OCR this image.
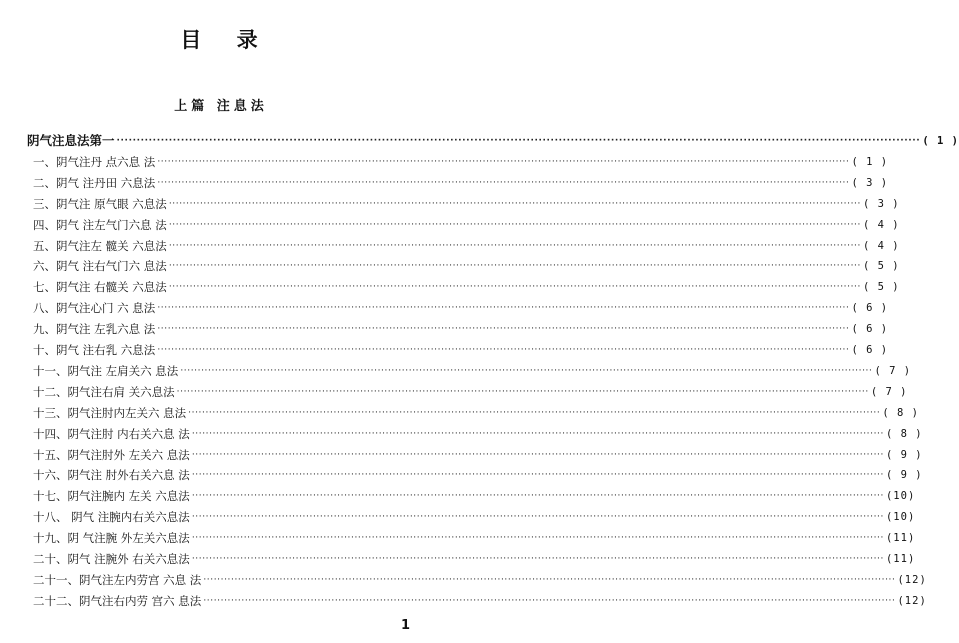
目 录
上篇 注息法
阴气注息法第一 ········································································································································································································ ( 1 )
一、阴气注丹 点六息 法 ········································································································································································································ ( 1 )
二、阴气 注丹田 六息法 ········································································································································································································ ( 3 )
三、阴气注 原气眼 六息法 ········································································································································································································ ( 3 )
四、阴气 注左气门六息 法 ········································································································································································································ ( 4 )
五、阴气注左 髋关 六息法 ········································································································································································································ ( 4 )
六、阴气 注右气门六 息法 ········································································································································································································ ( 5 )
七、阴气注 右髋关 六息法 ········································································································································································································ ( 5 )
八、阴气注心门 六 息法 ········································································································································································································ ( 6 )
九、阴气注 左乳六息 法 ········································································································································································································ ( 6 )
十、阴气 注右乳 六息法 ········································································································································································································ ( 6 )
十一、阴气注 左肩关六 息法 ········································································································································································································ ( 7 )
十二、阴气注右肩 关六息法 ········································································································································································································ ( 7 )
十三、阴气注肘内左关六 息法 ········································································································································································································ ( 8 )
十四、阴气注肘 内右关六息 法 ········································································································································································································ ( 8 )
十五、阴气注肘外 左关六 息法 ········································································································································································································ ( 9 )
十六、阴气注 肘外右关六息 法 ········································································································································································································ ( 9 )
十七、阴气注腕内 左关 六息法 ········································································································································································································ (10)
十八、 阴气 注腕内右关六息法 ········································································································································································································ (10)
十九、阴 气注腕 外左关六息法 ········································································································································································································ (11)
二十、阴气 注腕外 右关六息法 ········································································································································································································ (11)
二十一、阴气注左内劳宫 六息 法 ········································································································································································································ (12)
二十二、阴气注右内劳 宫六 息法 ········································································································································································································ (12)
1
